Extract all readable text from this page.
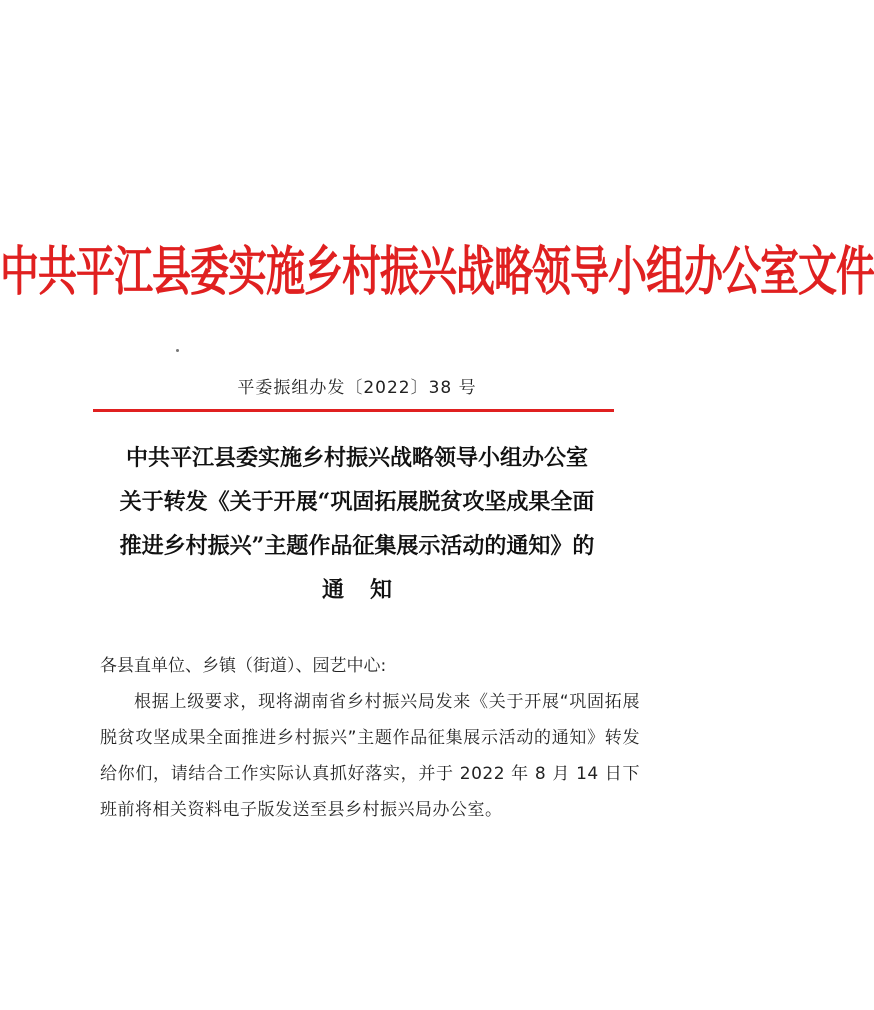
中共平江县委实施乡村振兴战略领导小组办公室文件
平委振组办发〔2022〕38 号
中共平江县委实施乡村振兴战略领导小组办公室
关于转发《关于开展“巩固拓展脱贫攻坚成果全面
推进乡村振兴”主题作品征集展示活动的通知》的
通知
各县直单位、乡镇（街道）、园艺中心:
根据上级要求，现将湖南省乡村振兴局发来《关于开展“巩固拓展脱贫攻坚成果全面推进乡村振兴”主题作品征集展示活动的通知》转发给你们，请结合工作实际认真抓好落实，并于 2022 年 8 月 14 日下班前将相关资料电子版发送至县乡村振兴局办公室。
